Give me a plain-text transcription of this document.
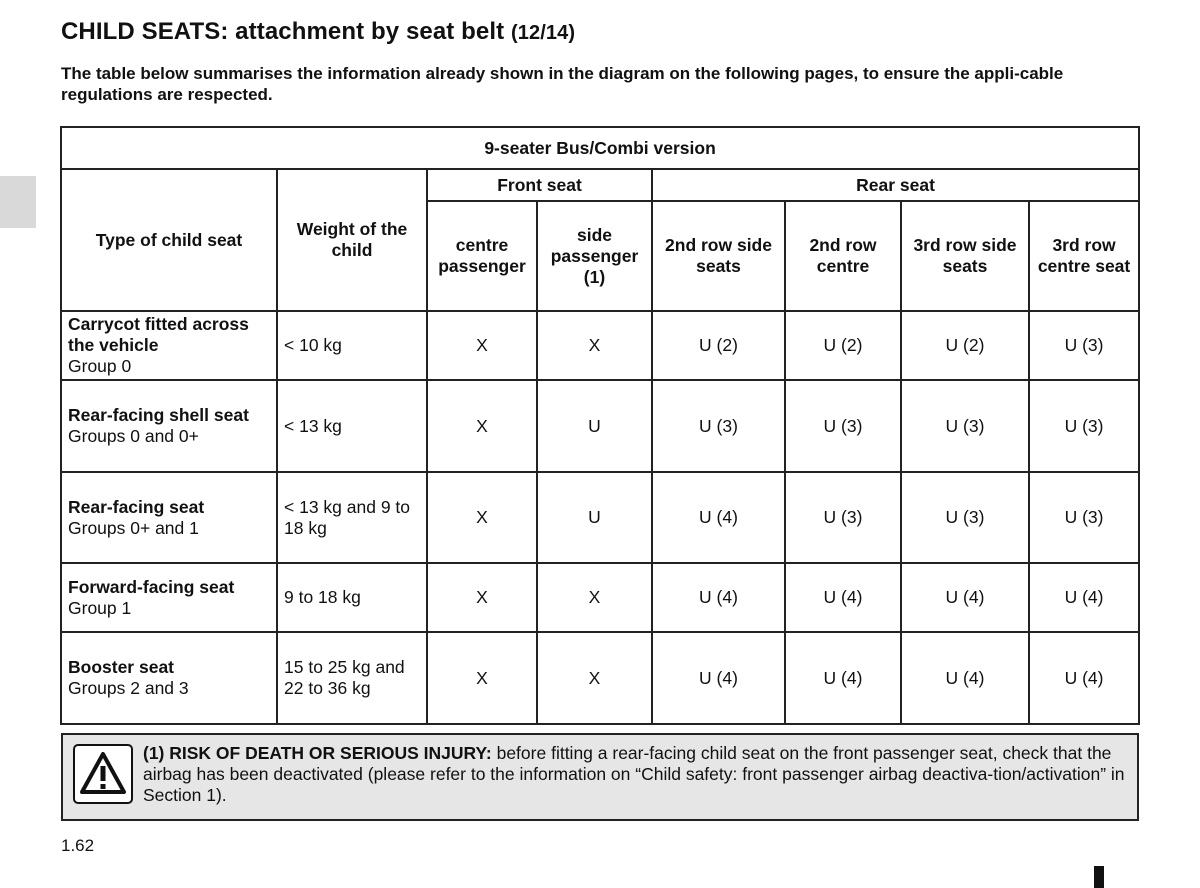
CHILD SEATS: attachment by seat belt (12/14)

The table below summarises the information already shown in the diagram on the following pages, to ensure the appli-cable regulations are respected.

9-seater Bus/Combi version							
Type of child seat	Weight of the child	Front seat		Rear seat			
		centre passenger	side passenger (1)	2nd row side seats	2nd row centre	3rd row side seats	3rd row centre seat
Carrycot fitted across the vehicle
Group 0	< 10 kg	X	X	U (2)	U (2)	U (2)	U (3)
Rear-facing shell seat
Groups 0 and 0+	< 13 kg	X	U	U (3)	U (3)	U (3)	U (3)
Rear-facing seat
Groups 0+ and 1	< 13 kg and 9 to 18 kg	X	U	U (4)	U (3)	U (3)	U (3)
Forward-facing seat
Group 1	9 to 18 kg	X	X	U (4)	U (4)	U (4)	U (4)
Booster seat
Groups 2 and 3	15 to 25 kg and 22 to 36 kg	X	X	U (4)	U (4)	U (4)	U (4)

(1) RISK OF DEATH OR SERIOUS INJURY: before fitting a rear-facing child seat on the front passenger seat, check that the airbag has been deactivated (please refer to the information on “Child safety: front passenger airbag deactiva-tion/activation” in Section 1).

1.62
